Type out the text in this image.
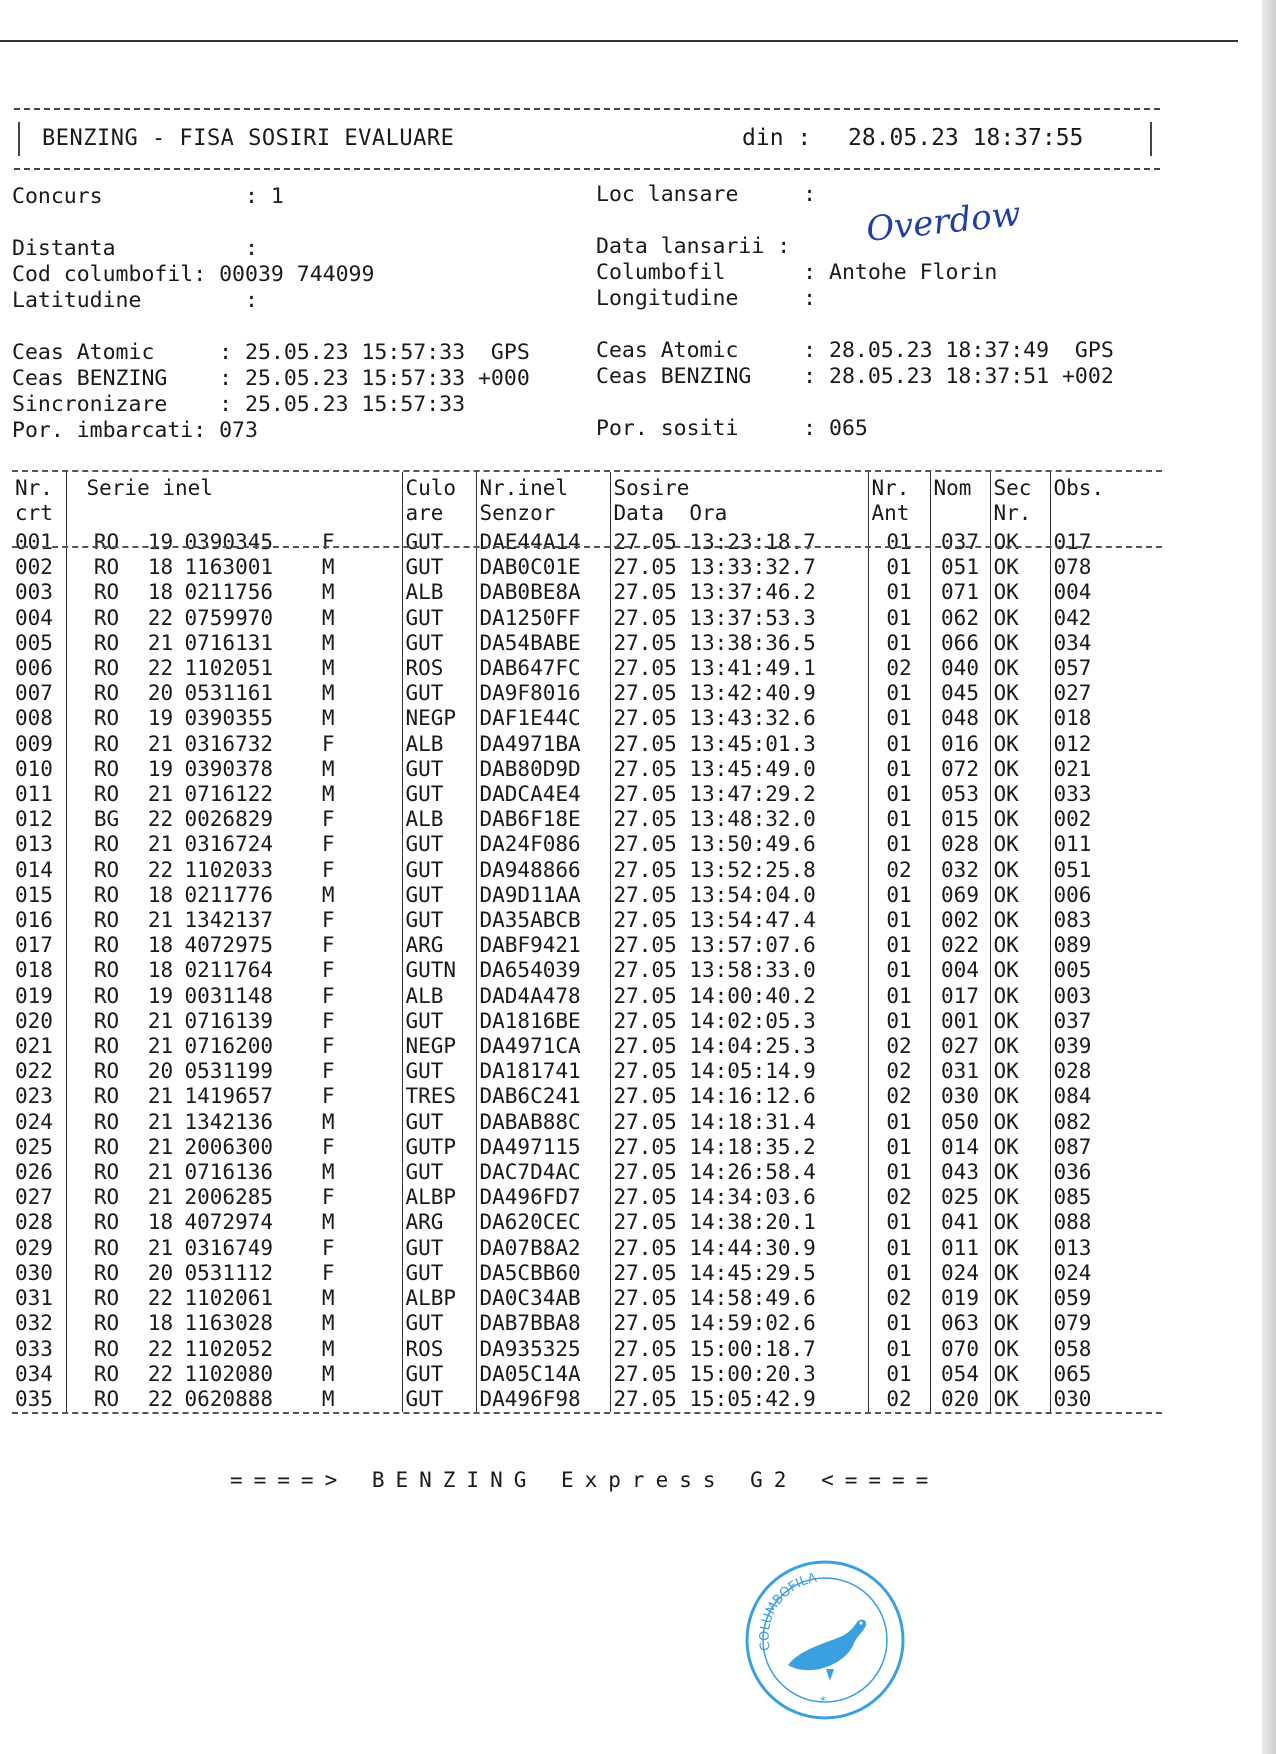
BENZING - FISA SOSIRI EVALUARE	din : 28.05.23 18:37:55
Concurs           : 1

Distanta          :
Cod columbofil: 00039 744099
Latitudine        :

Ceas Atomic     : 25.05.23 15:57:33  GPS
Ceas BENZING    : 25.05.23 15:57:33 +000
Sincronizare    : 25.05.23 15:57:33
Por. imbarcati: 073
Loc lansare     :

Data lansarii :
Columbofil      : Antohe Florin
Longitudine     :

Ceas Atomic     : 28.05.23 18:37:49  GPS
Ceas BENZING    : 28.05.23 18:37:51 +002

Por. sositi     : 065
Overdow
Nr.
crt	Serie inel	Culo
are	Nr.inel
Senzor	Sosire
Data  Ora	Nr.
Ant	Nom	Sec
Nr.	Obs.
001	RO 19 0390345 F	GUT	DAE44A14	27.05 13:23:18.7	01	037	OK	017
002	RO 18 1163001 M	GUT	DAB0C01E	27.05 13:33:32.7	01	051	OK	078
003	RO 18 0211756 M	ALB	DAB0BE8A	27.05 13:37:46.2	01	071	OK	004
004	RO 22 0759970 M	GUT	DA1250FF	27.05 13:37:53.3	01	062	OK	042
005	RO 21 0716131 M	GUT	DA54BABE	27.05 13:38:36.5	01	066	OK	034
006	RO 22 1102051 M	ROS	DAB647FC	27.05 13:41:49.1	02	040	OK	057
007	RO 20 0531161 M	GUT	DA9F8016	27.05 13:42:40.9	01	045	OK	027
008	RO 19 0390355 M	NEGP	DAF1E44C	27.05 13:43:32.6	01	048	OK	018
009	RO 21 0316732 F	ALB	DA4971BA	27.05 13:45:01.3	01	016	OK	012
010	RO 19 0390378 M	GUT	DAB80D9D	27.05 13:45:49.0	01	072	OK	021
011	RO 21 0716122 M	GUT	DADCA4E4	27.05 13:47:29.2	01	053	OK	033
012	BG 22 0026829 F	ALB	DAB6F18E	27.05 13:48:32.0	01	015	OK	002
013	RO 21 0316724 F	GUT	DA24F086	27.05 13:50:49.6	01	028	OK	011
014	RO 22 1102033 F	GUT	DA948866	27.05 13:52:25.8	02	032	OK	051
015	RO 18 0211776 M	GUT	DA9D11AA	27.05 13:54:04.0	01	069	OK	006
016	RO 21 1342137 F	GUT	DA35ABCB	27.05 13:54:47.4	01	002	OK	083
017	RO 18 4072975 F	ARG	DABF9421	27.05 13:57:07.6	01	022	OK	089
018	RO 18 0211764 F	GUTN	DA654039	27.05 13:58:33.0	01	004	OK	005
019	RO 19 0031148 F	ALB	DAD4A478	27.05 14:00:40.2	01	017	OK	003
020	RO 21 0716139 F	GUT	DA1816BE	27.05 14:02:05.3	01	001	OK	037
021	RO 21 0716200 F	NEGP	DA4971CA	27.05 14:04:25.3	02	027	OK	039
022	RO 20 0531199 F	GUT	DA181741	27.05 14:05:14.9	02	031	OK	028
023	RO 21 1419657 F	TRES	DAB6C241	27.05 14:16:12.6	02	030	OK	084
024	RO 21 1342136 M	GUT	DABAB88C	27.05 14:18:31.4	01	050	OK	082
025	RO 21 2006300 F	GUTP	DA497115	27.05 14:18:35.2	01	014	OK	087
026	RO 21 0716136 M	GUT	DAC7D4AC	27.05 14:26:58.4	01	043	OK	036
027	RO 21 2006285 F	ALBP	DA496FD7	27.05 14:34:03.6	02	025	OK	085
028	RO 18 4072974 M	ARG	DA620CEC	27.05 14:38:20.1	01	041	OK	088
029	RO 21 0316749 F	GUT	DA07B8A2	27.05 14:44:30.9	01	011	OK	013
030	RO 20 0531112 F	GUT	DA5CBB60	27.05 14:45:29.5	01	024	OK	024
031	RO 22 1102061 M	ALBP	DA0C34AB	27.05 14:58:49.6	02	019	OK	059
032	RO 18 1163028 M	GUT	DAB7BBA8	27.05 14:59:02.6	01	063	OK	079
033	RO 22 1102052 M	ROS	DA935325	27.05 15:00:18.7	01	070	OK	058
034	RO 22 1102080 M	GUT	DA05C14A	27.05 15:00:20.3	01	054	OK	065
035	RO 22 0620888 M	GUT	DA496F98	27.05 15:05:42.9	02	020	OK	030
====> BENZING Express G2 <====
COLUMBOFILA
*
